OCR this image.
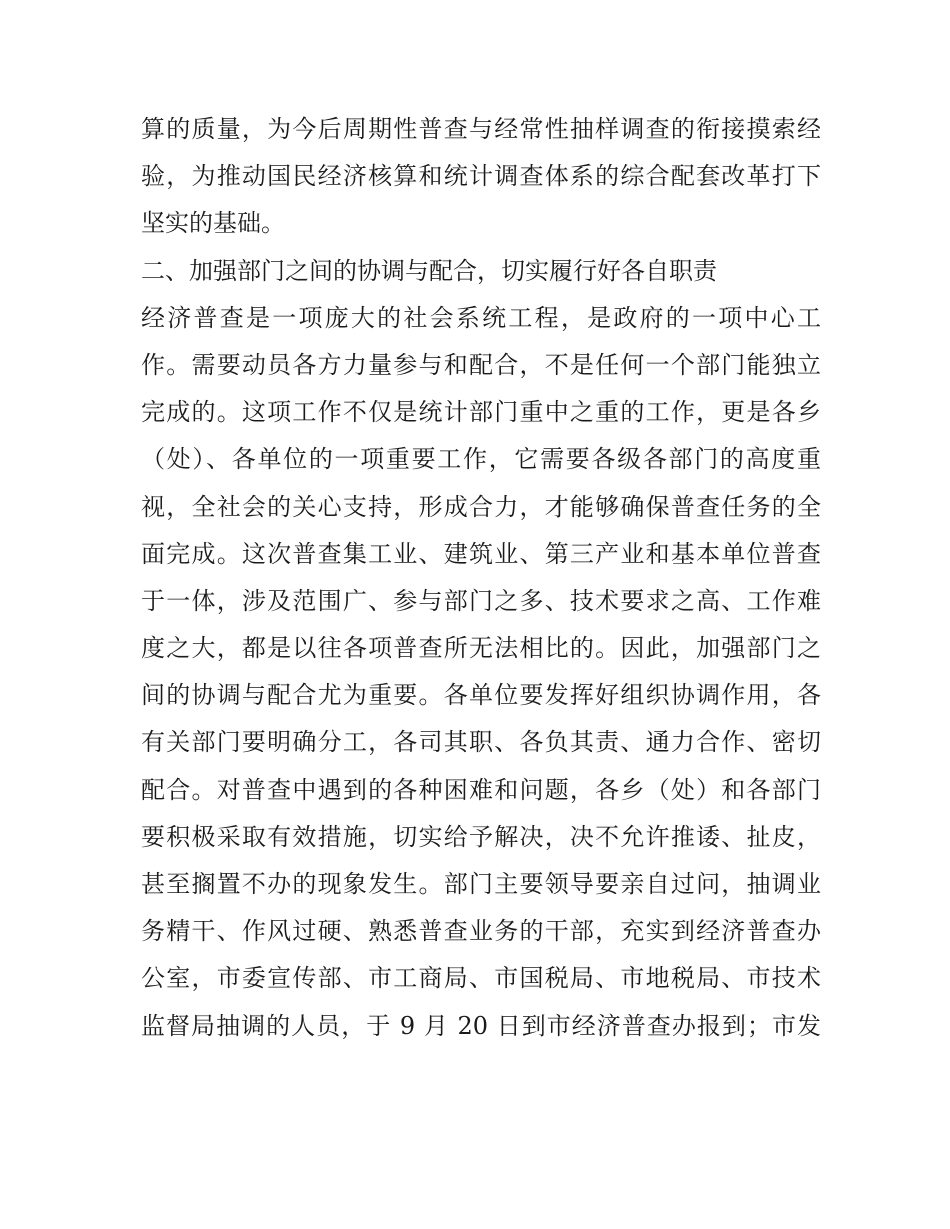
算的质量，为今后周期性普查与经常性抽样调查的衔接摸索经
验，为推动国民经济核算和统计调查体系的综合配套改革打下
坚实的基础。
二、加强部门之间的协调与配合，切实履行好各自职责
经济普查是一项庞大的社会系统工程，是政府的一项中心工
作。需要动员各方力量参与和配合，不是任何一个部门能独立
完成的。这项工作不仅是统计部门重中之重的工作，更是各乡
（处）、各单位的一项重要工作，它需要各级各部门的高度重
视，全社会的关心支持，形成合力，才能够确保普查任务的全
面完成。这次普查集工业、建筑业、第三产业和基本单位普查
于一体，涉及范围广、参与部门之多、技术要求之高、工作难
度之大，都是以往各项普查所无法相比的。因此，加强部门之
间的协调与配合尤为重要。各单位要发挥好组织协调作用，各
有关部门要明确分工，各司其职、各负其责、通力合作、密切
配合。对普查中遇到的各种困难和问题，各乡（处）和各部门
要积极采取有效措施，切实给予解决，决不允许推诿、扯皮，
甚至搁置不办的现象发生。部门主要领导要亲自过问，抽调业
务精干、作风过硬、熟悉普查业务的干部，充实到经济普查办
公室，市委宣传部、市工商局、市国税局、市地税局、市技术
监督局抽调的人员，于 9 月 20 日到市经济普查办报到；市发
